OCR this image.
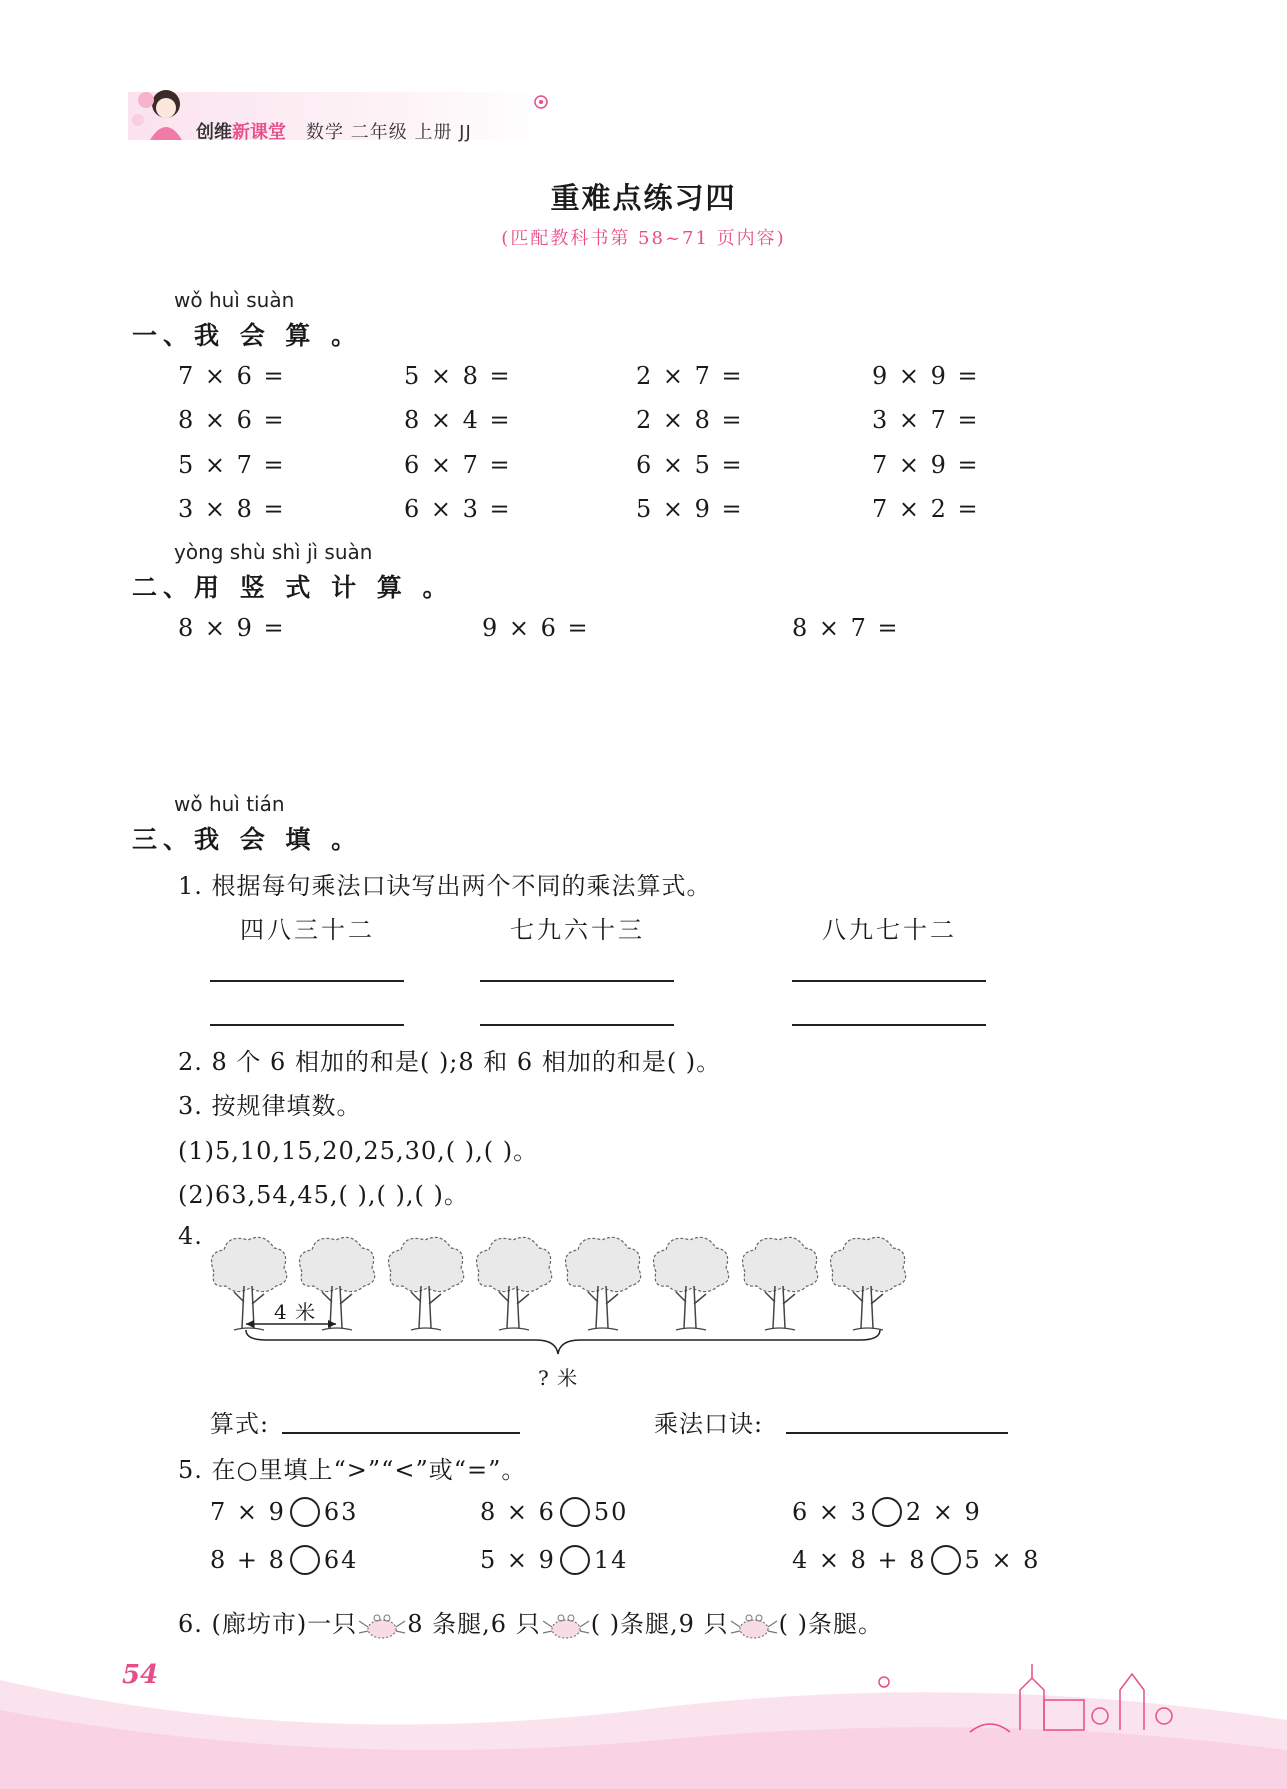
创维新课堂 数学 二年级 上册 JJ
重难点练习四
(匹配教科书第 58~71 页内容)
wǒ huì suàn
一、我 会 算 。
7 × 6 =	5 × 8 =	2 × 7 =	9 × 9 =
8 × 6 =	8 × 4 =	2 × 8 =	3 × 7 =
5 × 7 =	6 × 7 =	6 × 5 =	7 × 9 =
3 × 8 =	6 × 3 =	5 × 9 =	7 × 2 =
yòng shù shì jì suàn
二、用 竖 式 计 算 。
8 × 9 =	9 × 6 =	8 × 7 =
wǒ huì tián
三、我 会 填 。
1. 根据每句乘法口诀写出两个不同的乘法算式。
四八三十二	七九六十三	八九七十二
2. 8 个 6 相加的和是( );8 和 6 相加的和是( )。
3. 按规律填数。
(1)5,10,15,20,25,30,( ),( )。
(2)63,54,45,( ),( ),( )。
4.
4 米
? 米
算式:	乘法口诀:
5. 在○里填上“>”“<”或“=”。
7 × 9 63	8 × 6 50	6 × 3 2 × 9
8 + 8 64	5 × 9 14	4 × 8 + 8 5 × 8
6. (廊坊市)一只 8 条腿,6 只 ( )条腿,9 只 ( )条腿。
54
